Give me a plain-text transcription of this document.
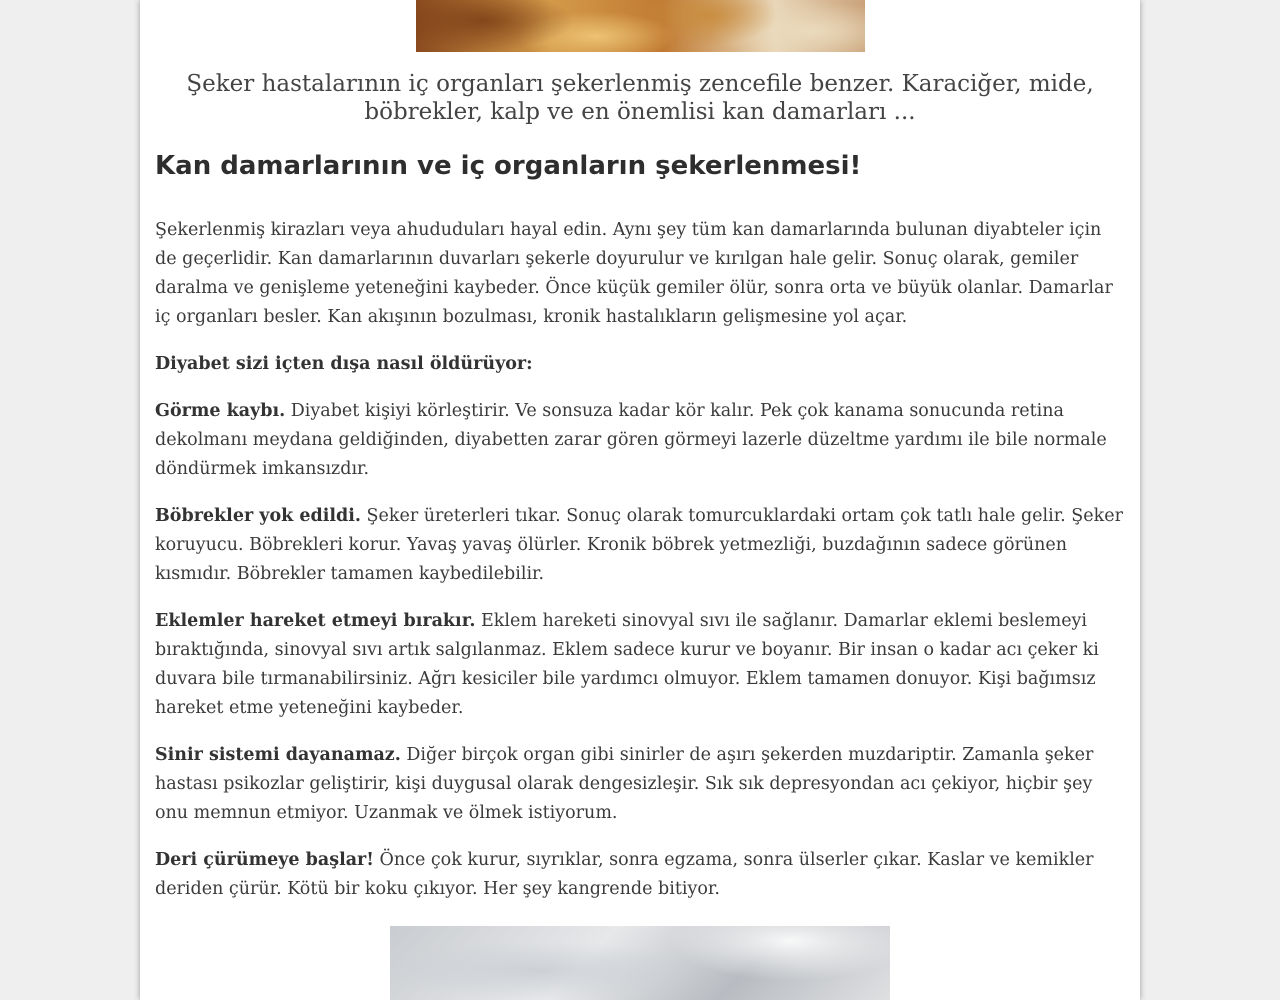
Şeker hastalarının iç organları şekerlenmiş zencefile benzer. Karaciğer, mide, böbrekler, kalp ve en önemlisi kan damarları ...

Kan damarlarının ve iç organların şekerlenmesi!

Şekerlenmiş kirazları veya ahududuları hayal edin. Aynı şey tüm kan damarlarında bulunan diyabteler için de geçerlidir. Kan damarlarının duvarları şekerle doyurulur ve kırılgan hale gelir. Sonuç olarak, gemiler daralma ve genişleme yeteneğini kaybeder. Önce küçük gemiler ölür, sonra orta ve büyük olanlar. Damarlar iç organları besler. Kan akışının bozulması, kronik hastalıkların gelişmesine yol açar.

Diyabet sizi içten dışa nasıl öldürüyor:

Görme kaybı. Diyabet kişiyi körleştirir. Ve sonsuza kadar kör kalır. Pek çok kanama sonucunda retina dekolmanı meydana geldiğinden, diyabetten zarar gören görmeyi lazerle düzeltme yardımı ile bile normale döndürmek imkansızdır.

Böbrekler yok edildi. Şeker üreterleri tıkar. Sonuç olarak tomurcuklardaki ortam çok tatlı hale gelir. Şeker koruyucu. Böbrekleri korur. Yavaş yavaş ölürler. Kronik böbrek yetmezliği, buzdağının sadece görünen kısmıdır. Böbrekler tamamen kaybedilebilir.

Eklemler hareket etmeyi bırakır. Eklem hareketi sinovyal sıvı ile sağlanır. Damarlar eklemi beslemeyi bıraktığında, sinovyal sıvı artık salgılanmaz. Eklem sadece kurur ve boyanır. Bir insan o kadar acı çeker ki duvara bile tırmanabilirsiniz. Ağrı kesiciler bile yardımcı olmuyor. Eklem tamamen donuyor. Kişi bağımsız hareket etme yeteneğini kaybeder.

Sinir sistemi dayanamaz. Diğer birçok organ gibi sinirler de aşırı şekerden muzdariptir. Zamanla şeker hastası psikozlar geliştirir, kişi duygusal olarak dengesizleşir. Sık sık depresyondan acı çekiyor, hiçbir şey onu memnun etmiyor. Uzanmak ve ölmek istiyorum.

Deri çürümeye başlar! Önce çok kurur, sıyrıklar, sonra egzama, sonra ülserler çıkar. Kaslar ve kemikler deriden çürür. Kötü bir koku çıkıyor. Her şey kangrende bitiyor.
